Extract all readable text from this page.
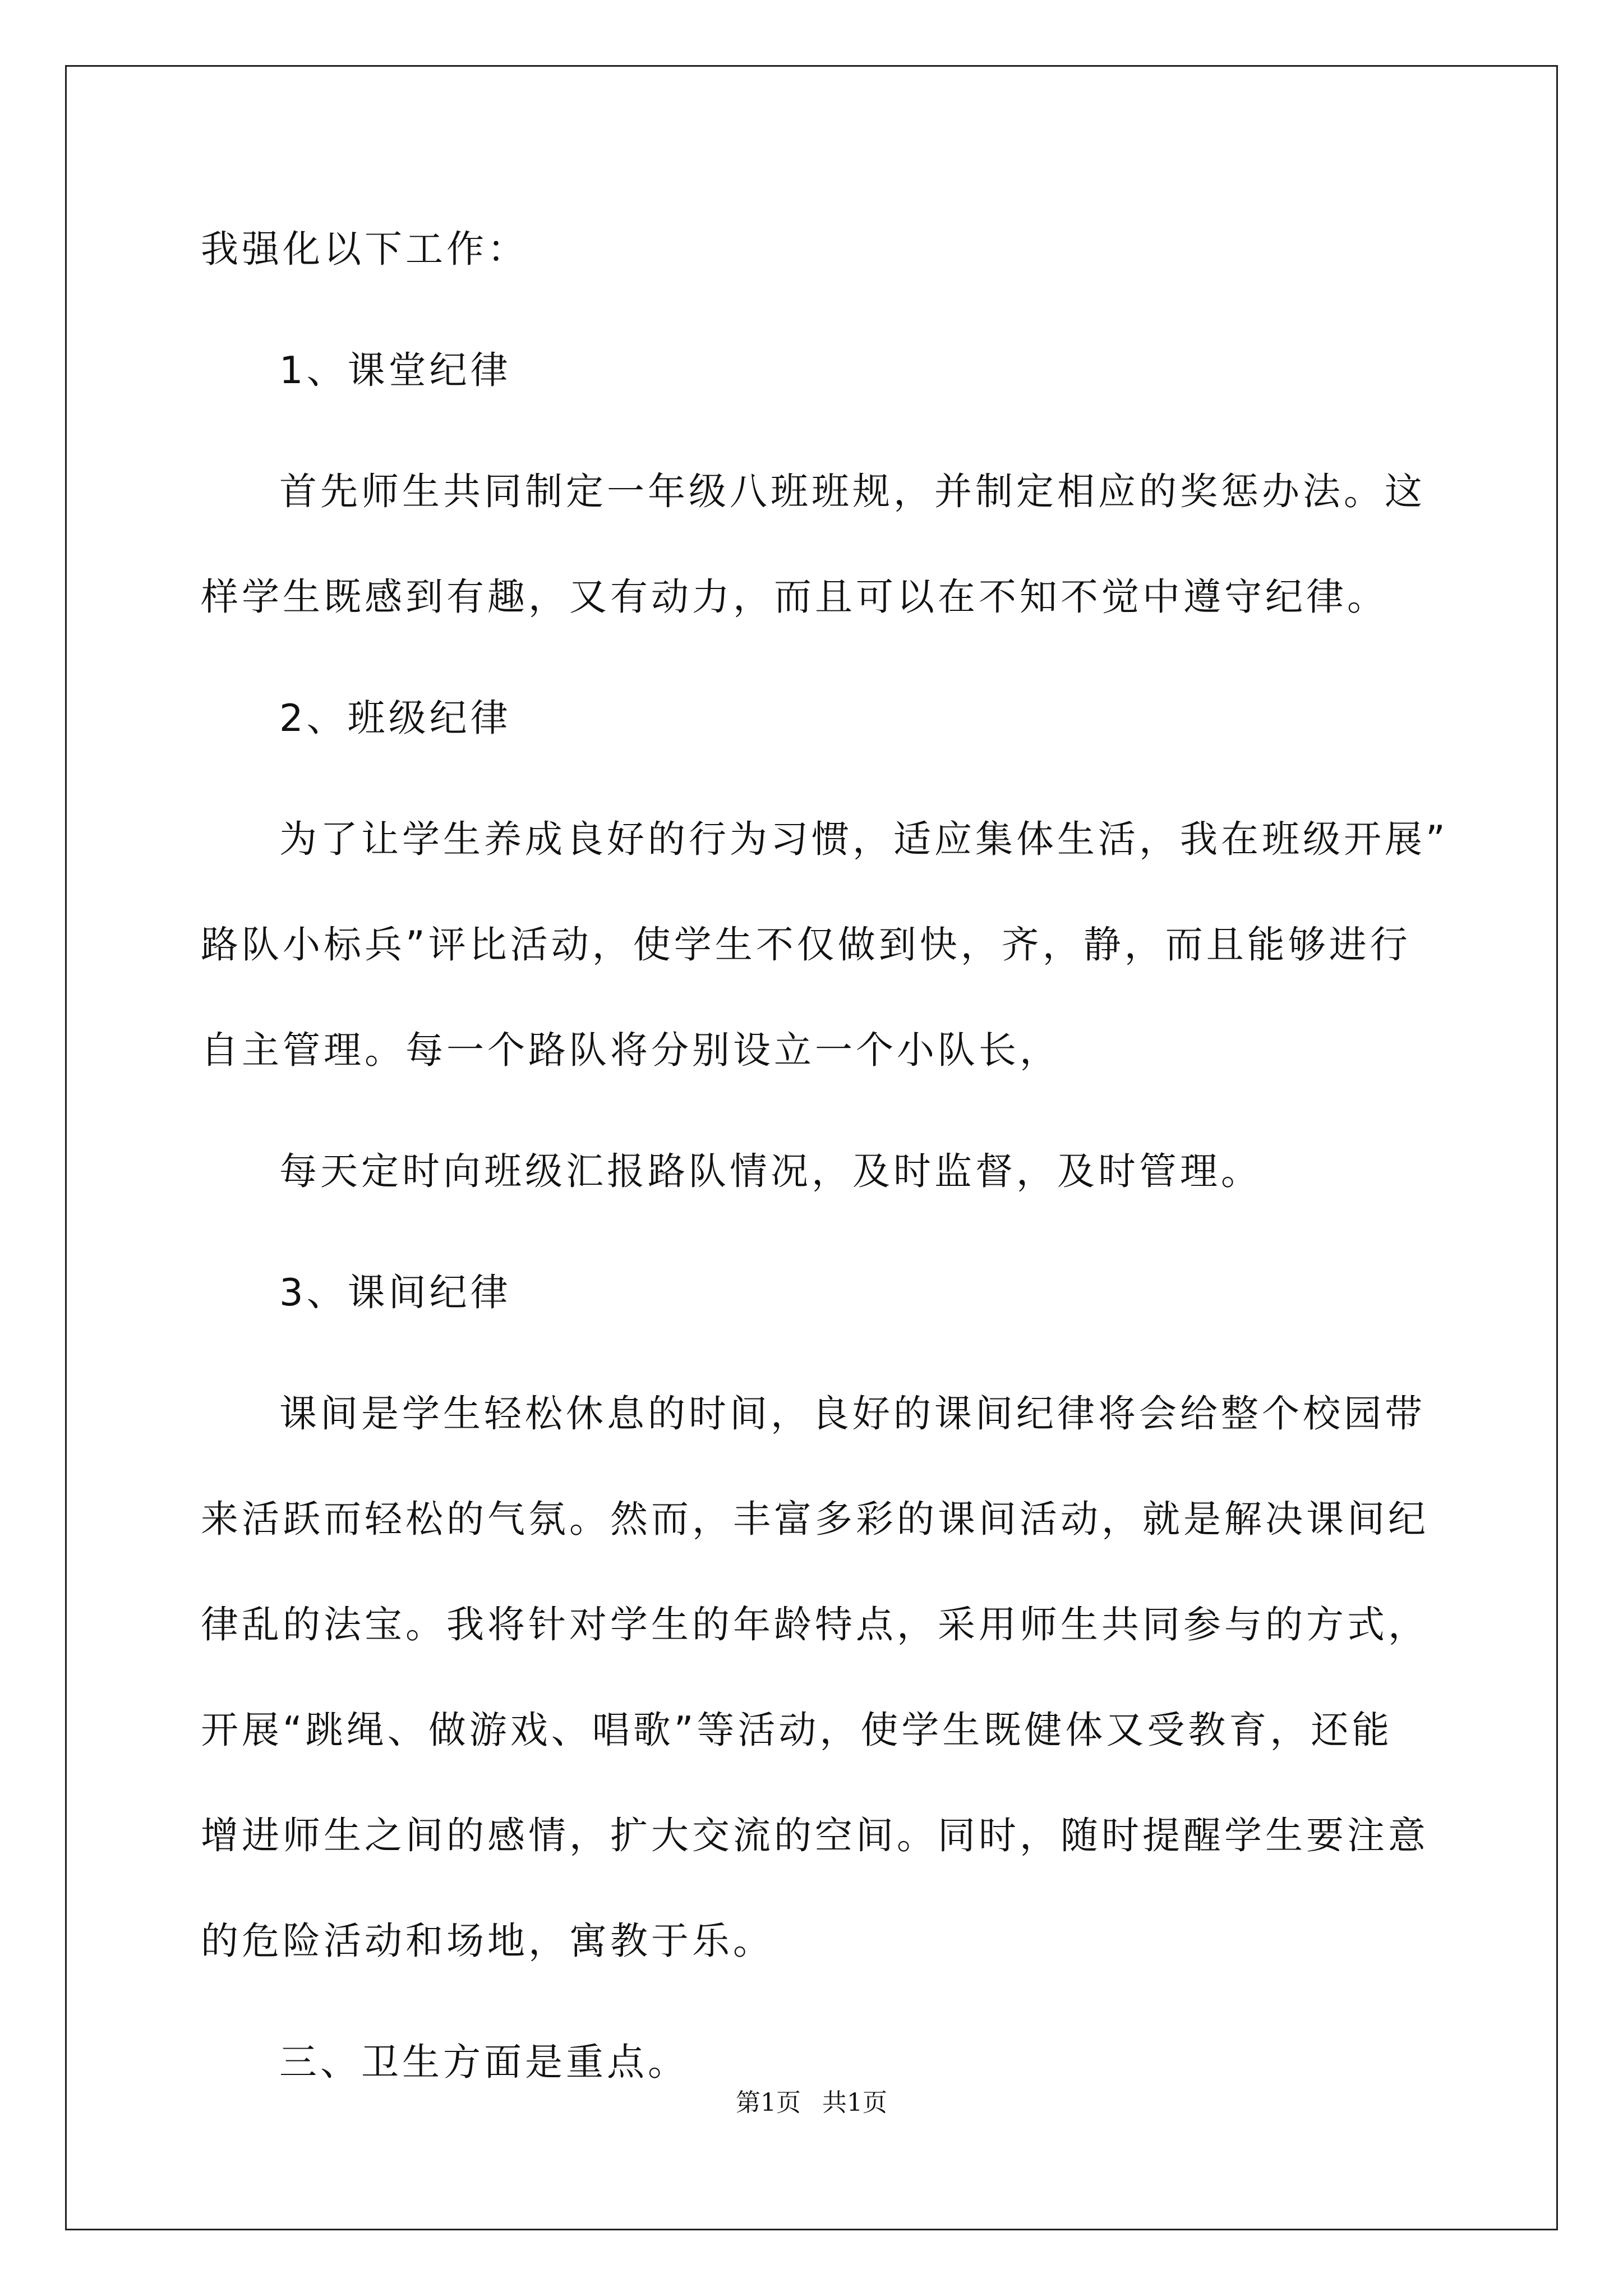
我强化以下工作：
1、课堂纪律
首先师生共同制定一年级八班班规，并制定相应的奖惩办法。这
样学生既感到有趣，又有动力，而且可以在不知不觉中遵守纪律。
2、班级纪律
为了让学生养成良好的行为习惯，适应集体生活，我在班级开展”
路队小标兵”评比活动，使学生不仅做到快，齐，静，而且能够进行
自主管理。每一个路队将分别设立一个小队长，
每天定时向班级汇报路队情况，及时监督，及时管理。
3、课间纪律
课间是学生轻松休息的时间，良好的课间纪律将会给整个校园带
来活跃而轻松的气氛。然而，丰富多彩的课间活动，就是解决课间纪
律乱的法宝。我将针对学生的年龄特点，采用师生共同参与的方式，
开展“跳绳、做游戏、唱歌”等活动，使学生既健体又受教育，还能
增进师生之间的感情，扩大交流的空间。同时，随时提醒学生要注意
的危险活动和场地，寓教于乐。
三、卫生方面是重点。
第1页 共1页
